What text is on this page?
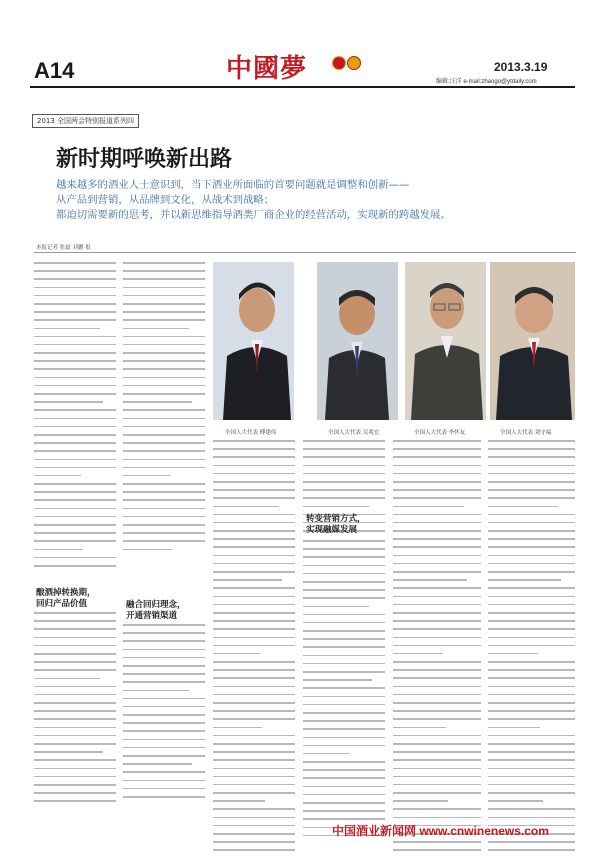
A14	中國夢	2013.3.19
编辑:汪洋 e-mail:zhaogo@ytdaily.com
2013 全国两会特别报道系列四
新时期呼唤新出路
越来越多的酒业人士意识到，当下酒业所面临的首要问题就是调整和创新——
从产品到营销，从品牌到文化，从战术到战略；
都迫切需要新的思考，并以新思维指导酒类厂商企业的经营活动，实现新的跨越发展。
本报记者 张磊 刘鹏 报
全国人大代表 傅建伟	全国人大代表 吴兆宏	全国人大代表 李怀友	全国人大代表 刘守福
酿酒掉转换期，
回归产品价值	融合回归理念，
开通营销渠道
转变营销方式，
实现融媒发展
中国酒业新闻网 www.cnwinenews.com
